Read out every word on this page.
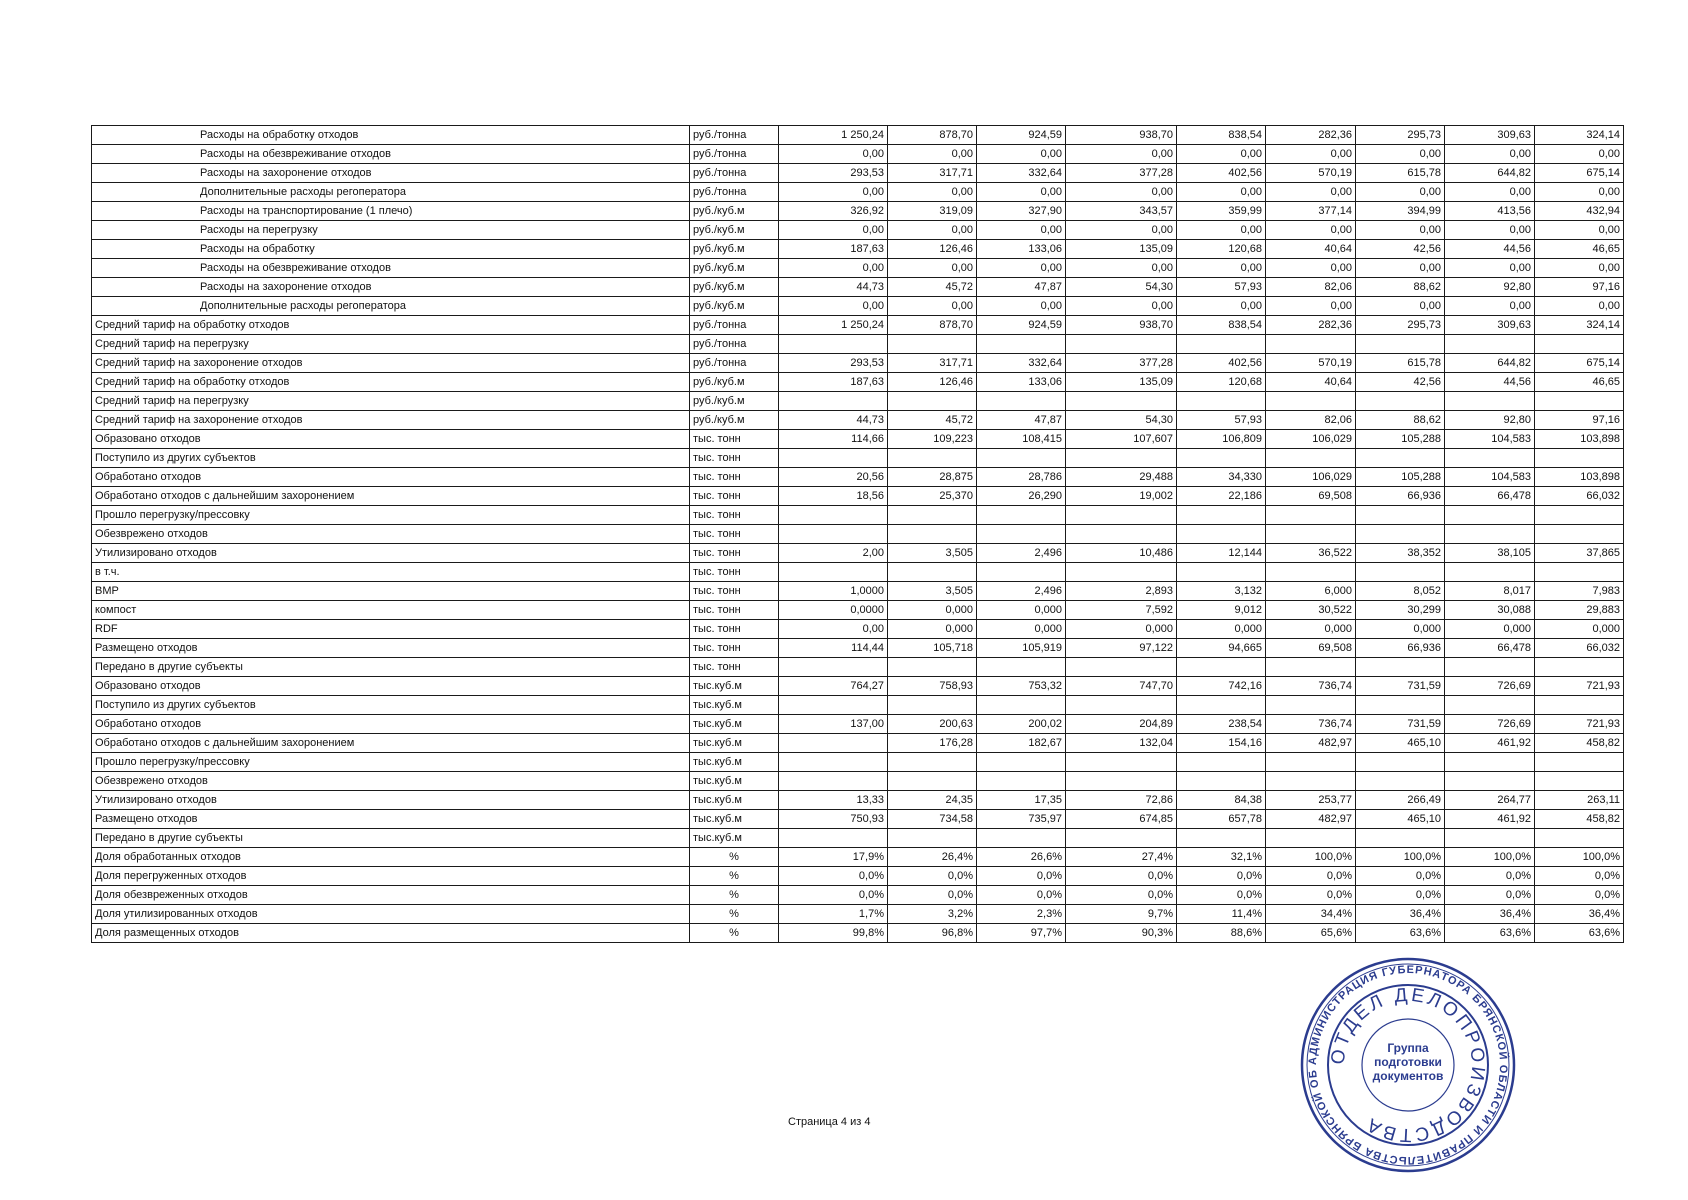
Расходы на обработку отходов	руб./тонна	1 250,24	878,70	924,59	938,70	838,54	282,36	295,73	309,63	324,14
Расходы на обезвреживание отходов	руб./тонна	0,00	0,00	0,00	0,00	0,00	0,00	0,00	0,00	0,00
Расходы на захоронение отходов	руб./тонна	293,53	317,71	332,64	377,28	402,56	570,19	615,78	644,82	675,14
Дополнительные расходы регоператора	руб./тонна	0,00	0,00	0,00	0,00	0,00	0,00	0,00	0,00	0,00
Расходы на транспортирование (1 плечо)	руб./куб.м	326,92	319,09	327,90	343,57	359,99	377,14	394,99	413,56	432,94
Расходы на перегрузку	руб./куб.м	0,00	0,00	0,00	0,00	0,00	0,00	0,00	0,00	0,00
Расходы на обработку	руб./куб.м	187,63	126,46	133,06	135,09	120,68	40,64	42,56	44,56	46,65
Расходы на обезвреживание отходов	руб./куб.м	0,00	0,00	0,00	0,00	0,00	0,00	0,00	0,00	0,00
Расходы на захоронение отходов	руб./куб.м	44,73	45,72	47,87	54,30	57,93	82,06	88,62	92,80	97,16
Дополнительные расходы регоператора	руб./куб.м	0,00	0,00	0,00	0,00	0,00	0,00	0,00	0,00	0,00
Средний тариф на обработку отходов	руб./тонна	1 250,24	878,70	924,59	938,70	838,54	282,36	295,73	309,63	324,14
Средний тариф на перегрузку	руб./тонна									
Средний тариф на захоронение отходов	руб./тонна	293,53	317,71	332,64	377,28	402,56	570,19	615,78	644,82	675,14
Средний тариф на обработку отходов	руб./куб.м	187,63	126,46	133,06	135,09	120,68	40,64	42,56	44,56	46,65
Средний тариф на перегрузку	руб./куб.м									
Средний тариф на захоронение отходов	руб./куб.м	44,73	45,72	47,87	54,30	57,93	82,06	88,62	92,80	97,16
Образовано отходов	тыс. тонн	114,66	109,223	108,415	107,607	106,809	106,029	105,288	104,583	103,898
Поступило из других субъектов	тыс. тонн									
Обработано отходов	тыс. тонн	20,56	28,875	28,786	29,488	34,330	106,029	105,288	104,583	103,898
Обработано отходов с дальнейшим захоронением	тыс. тонн	18,56	25,370	26,290	19,002	22,186	69,508	66,936	66,478	66,032
Прошло перегрузку/прессовку	тыс. тонн									
Обезврежено отходов	тыс. тонн									
Утилизировано отходов	тыс. тонн	2,00	3,505	2,496	10,486	12,144	36,522	38,352	38,105	37,865
в т.ч.	тыс. тонн									
ВМР	тыс. тонн	1,0000	3,505	2,496	2,893	3,132	6,000	8,052	8,017	7,983
компост	тыс. тонн	0,0000	0,000	0,000	7,592	9,012	30,522	30,299	30,088	29,883
RDF	тыс. тонн	0,00	0,000	0,000	0,000	0,000	0,000	0,000	0,000	0,000
Размещено отходов	тыс. тонн	114,44	105,718	105,919	97,122	94,665	69,508	66,936	66,478	66,032
Передано в другие субъекты	тыс. тонн									
Образовано отходов	тыс.куб.м	764,27	758,93	753,32	747,70	742,16	736,74	731,59	726,69	721,93
Поступило из других субъектов	тыс.куб.м									
Обработано отходов	тыс.куб.м	137,00	200,63	200,02	204,89	238,54	736,74	731,59	726,69	721,93
Обработано отходов с дальнейшим захоронением	тыс.куб.м		176,28	182,67	132,04	154,16	482,97	465,10	461,92	458,82
Прошло перегрузку/прессовку	тыс.куб.м									
Обезврежено отходов	тыс.куб.м									
Утилизировано отходов	тыс.куб.м	13,33	24,35	17,35	72,86	84,38	253,77	266,49	264,77	263,11
Размещено отходов	тыс.куб.м	750,93	734,58	735,97	674,85	657,78	482,97	465,10	461,92	458,82
Передано в другие субъекты	тыс.куб.м									
Доля обработанных отходов	%	17,9%	26,4%	26,6%	27,4%	32,1%	100,0%	100,0%	100,0%	100,0%
Доля перегруженных отходов	%	0,0%	0,0%	0,0%	0,0%	0,0%	0,0%	0,0%	0,0%	0,0%
Доля обезвреженных отходов	%	0,0%	0,0%	0,0%	0,0%	0,0%	0,0%	0,0%	0,0%	0,0%
Доля утилизированных отходов	%	1,7%	3,2%	2,3%	9,7%	11,4%	34,4%	36,4%	36,4%	36,4%
Доля размещенных отходов	%	99,8%	96,8%	97,7%	90,3%	88,6%	65,6%	63,6%	63,6%	63,6%
Страница 4 из 4
АДМИНИСТРАЦИЯ ГУБЕРНАТОРА БРЯНСКОЙ ОБЛАСТИ И ПРАВИТЕЛЬСТВА БРЯНСКОЙ ОБ
ОТДЕЛ ДЕЛОПРОИЗВОДСТВА
Группа подготовки документов
